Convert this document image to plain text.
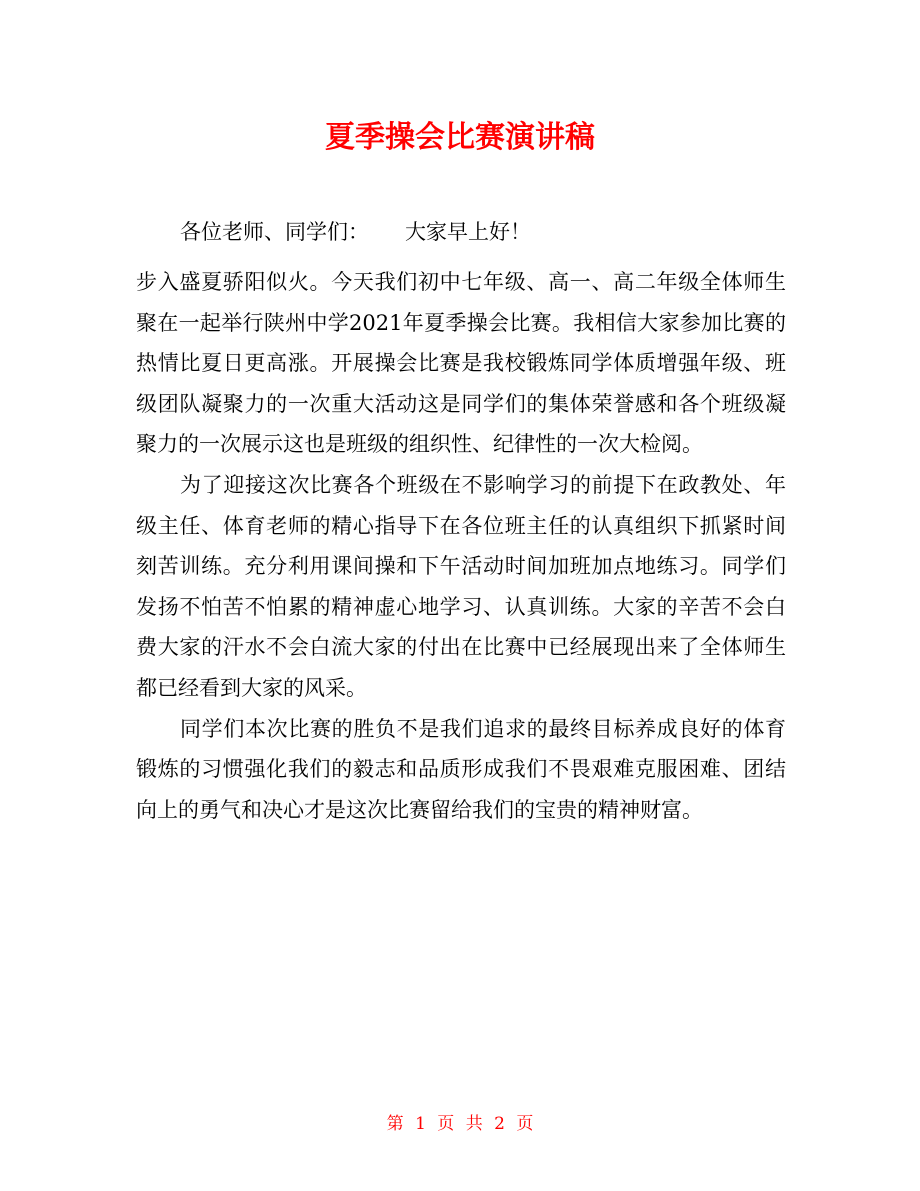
夏季操会比赛演讲稿
各位老师、同学们： 大家早上好！

步入盛夏骄阳似火。今天我们初中七年级、高一、高二年级全体师生聚在一起举行陕州中学2021年夏季操会比赛。我相信大家参加比赛的热情比夏日更高涨。开展操会比赛是我校锻炼同学体质增强年级、班级团队凝聚力的一次重大活动这是同学们的集体荣誉感和各个班级凝聚力的一次展示这也是班级的组织性、纪律性的一次大检阅。

为了迎接这次比赛各个班级在不影响学习的前提下在政教处、年级主任、体育老师的精心指导下在各位班主任的认真组织下抓紧时间刻苦训练。充分利用课间操和下午活动时间加班加点地练习。同学们发扬不怕苦不怕累的精神虚心地学习、认真训练。大家的辛苦不会白费大家的汗水不会白流大家的付出在比赛中已经展现出来了全体师生都已经看到大家的风采。

同学们本次比赛的胜负不是我们追求的最终目标养成良好的体育锻炼的习惯强化我们的毅志和品质形成我们不畏艰难克服困难、团结向上的勇气和决心才是这次比赛留给我们的宝贵的精神财富。

第 1 页 共 2 页
